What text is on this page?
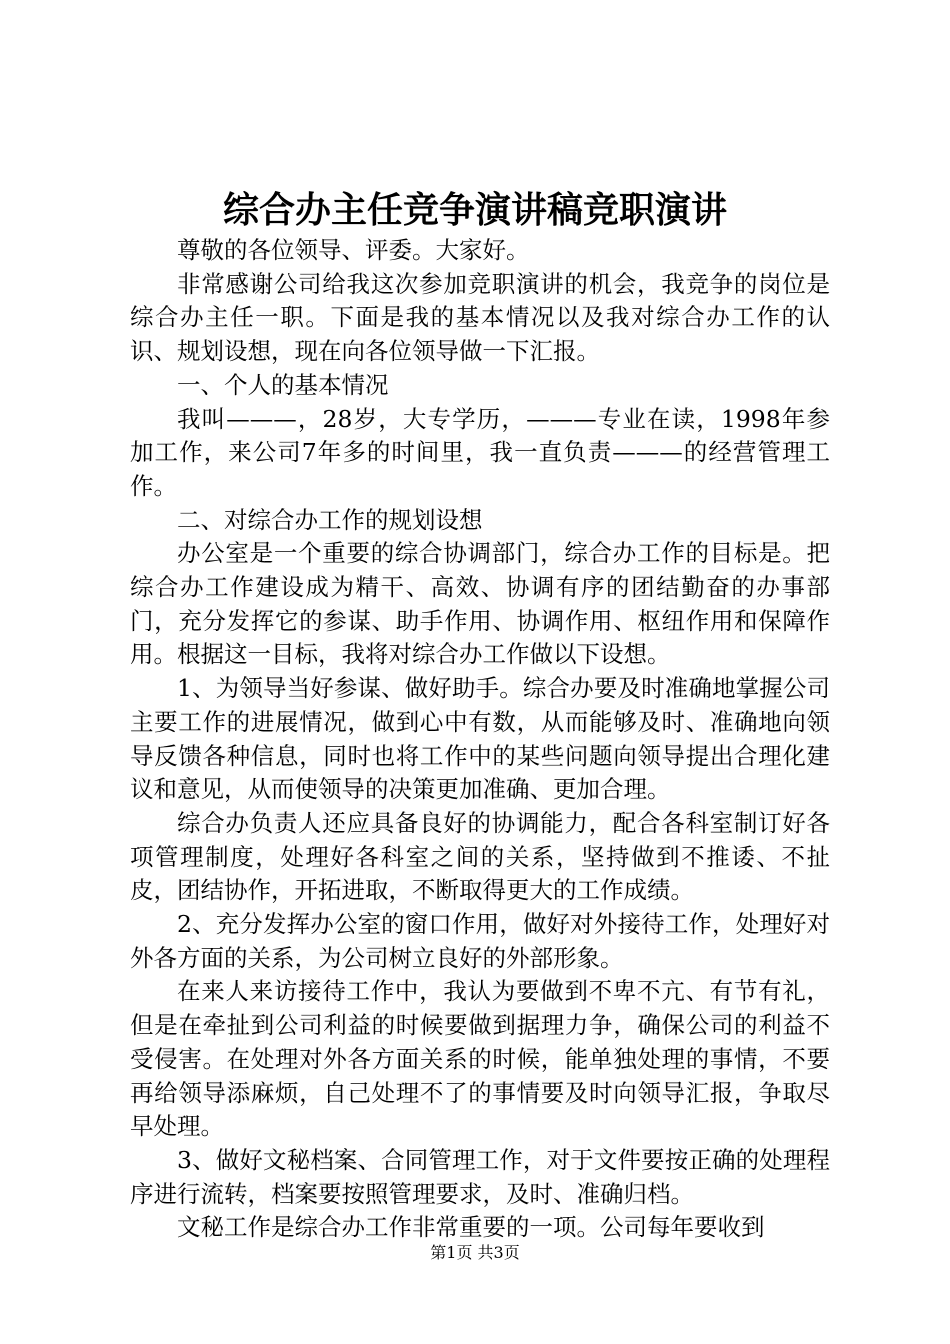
综合办主任竞争演讲稿竞职演讲

尊敬的各位领导、评委。大家好。

非常感谢公司给我这次参加竞职演讲的机会，我竞争的岗位是综合办主任一职。下面是我的基本情况以及我对综合办工作的认识、规划设想，现在向各位领导做一下汇报。

一、个人的基本情况

我叫———，28岁，大专学历，———专业在读，1998年参加工作，来公司7年多的时间里，我一直负责———的经营管理工作。

二、对综合办工作的规划设想

办公室是一个重要的综合协调部门，综合办工作的目标是。把综合办工作建设成为精干、高效、协调有序的团结勤奋的办事部门，充分发挥它的参谋、助手作用、协调作用、枢纽作用和保障作用。根据这一目标，我将对综合办工作做以下设想。

1、为领导当好参谋、做好助手。综合办要及时准确地掌握公司主要工作的进展情况，做到心中有数，从而能够及时、准确地向领导反馈各种信息，同时也将工作中的某些问题向领导提出合理化建议和意见，从而使领导的决策更加准确、更加合理。

综合办负责人还应具备良好的协调能力，配合各科室制订好各项管理制度，处理好各科室之间的关系，坚持做到不推诿、不扯皮，团结协作，开拓进取，不断取得更大的工作成绩。

2、充分发挥办公室的窗口作用，做好对外接待工作，处理好对外各方面的关系，为公司树立良好的外部形象。

在来人来访接待工作中，我认为要做到不卑不亢、有节有礼，但是在牵扯到公司利益的时候要做到据理力争，确保公司的利益不受侵害。在处理对外各方面关系的时候，能单独处理的事情，不要再给领导添麻烦，自己处理不了的事情要及时向领导汇报，争取尽早处理。

3、做好文秘档案、合同管理工作，对于文件要按正确的处理程序进行流转，档案要按照管理要求，及时、准确归档。

文秘工作是综合办工作非常重要的一项。公司每年要收到

第1页 共3页
